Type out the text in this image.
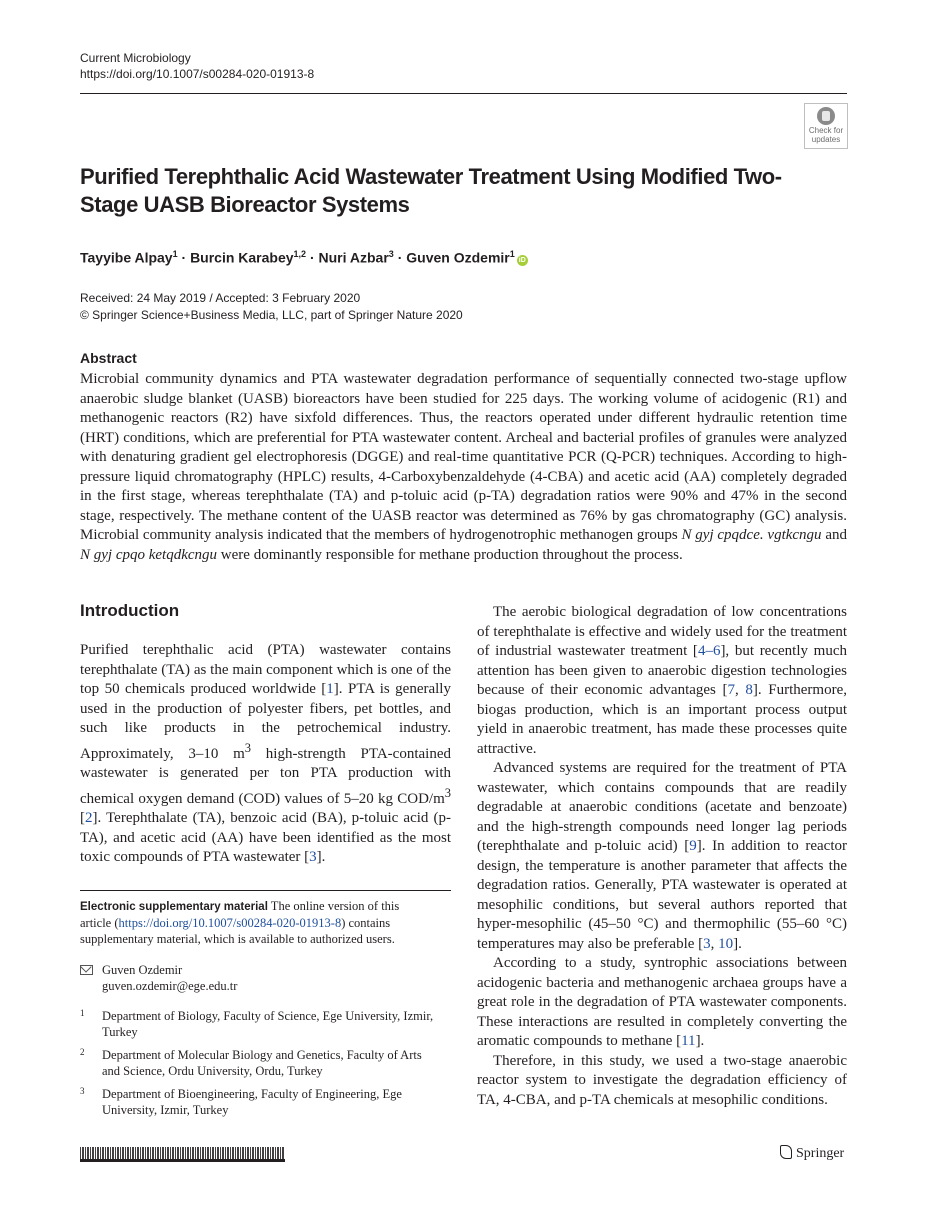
Current Microbiology
https://doi.org/10.1007/s00284-020-01913-8
Check for
updates
Purified Terephthalic Acid Wastewater Treatment Using Modified Two-Stage UASB Bioreactor Systems
Tayyibe Alpay$^1$ · Burcin Karabey$^{1,2}$ · Nuri Azbar$^3$ · Guven Ozdemir$^1$iD
Received: 24 May 2019 / Accepted: 3 February 2020
© Springer Science+Business Media, LLC, part of Springer Nature 2020
Abstract
Microbial community dynamics and PTA wastewater degradation performance of sequentially connected two-stage upflow anaerobic sludge blanket (UASB) bioreactors have been studied for 225 days. The working volume of acidogenic (R1) and methanogenic reactors (R2) have sixfold differences. Thus, the reactors operated under different hydraulic retention time (HRT) conditions, which are preferential for PTA wastewater content. Archeal and bacterial profiles of granules were analyzed with denaturing gradient gel electrophoresis (DGGE) and real-time quantitative PCR (Q-PCR) techniques. According to high-pressure liquid chromatography (HPLC) results, 4-Carboxybenzaldehyde (4-CBA) and acetic acid (AA) completely degraded in the first stage, whereas terephthalate (TA) and p-toluic acid (p-TA) degradation ratios were 90% and 47% in the second stage, respectively. The methane content of the UASB reactor was determined as 76% by gas chromatography (GC) analysis. Microbial community analysis indicated that the members of hydrogenotrophic methanogen groups N gyj cpqdce. vgtkcngu and N gyj cpqo ketqdkcngu were dominantly responsible for methane production throughout the process.
Introduction

Purified terephthalic acid (PTA) wastewater contains terephthalate (TA) as the main component which is one of the top 50 chemicals produced worldwide [1]. PTA is generally used in the production of polyester fibers, pet bottles, and such like products in the petrochemical industry. Approximately, 3–10 $m^3$ high-strength PTA-contained wastewater is generated per ton PTA production with chemical oxygen demand (COD) values of 5–20 kg COD/$m^3$ [2]. Terephthalate (TA), benzoic acid (BA), p-toluic acid (p-TA), and acetic acid (AA) have been identified as the most toxic compounds of PTA wastewater [3].

The aerobic biological degradation of low concentrations of terephthalate is effective and widely used for the treatment of industrial wastewater treatment [4–6], but recently much attention has been given to anaerobic digestion technologies because of their economic advantages [7, 8]. Furthermore, biogas production, which is an important process output yield in anaerobic treatment, has made these processes quite attractive.

Advanced systems are required for the treatment of PTA wastewater, which contains compounds that are readily degradable at anaerobic conditions (acetate and benzoate) and the high-strength compounds need longer lag periods (terephthalate and p-toluic acid) [9]. In addition to reactor design, the temperature is another parameter that affects the degradation ratios. Generally, PTA wastewater is operated at mesophilic conditions, but several authors reported that hyper-mesophilic (45–50 °C) and thermophilic (55–60 °C) temperatures may also be preferable [3, 10].

According to a study, syntrophic associations between acidogenic bacteria and methanogenic archaea groups have a great role in the degradation of PTA wastewater components. These interactions are resulted in completely converting the aromatic compounds to methane [11].

Therefore, in this study, we used a two-stage anaerobic reactor system to investigate the degradation efficiency of TA, 4-CBA, and p-TA chemicals at mesophilic conditions.

Electronic supplementary material The online version of this article (https://doi.org/10.1007/s00284-020-01913-8) contains supplementary material, which is available to authorized users.
Guven Ozdemir
guven.ozdemir@ege.edu.tr
1 Department of Biology, Faculty of Science, Ege University, Izmir, Turkey
2 Department of Molecular Biology and Genetics, Faculty of Arts and Science, Ordu University, Ordu, Turkey
3 Department of Bioengineering, Faculty of Engineering, Ege University, Izmir, Turkey
Springer
